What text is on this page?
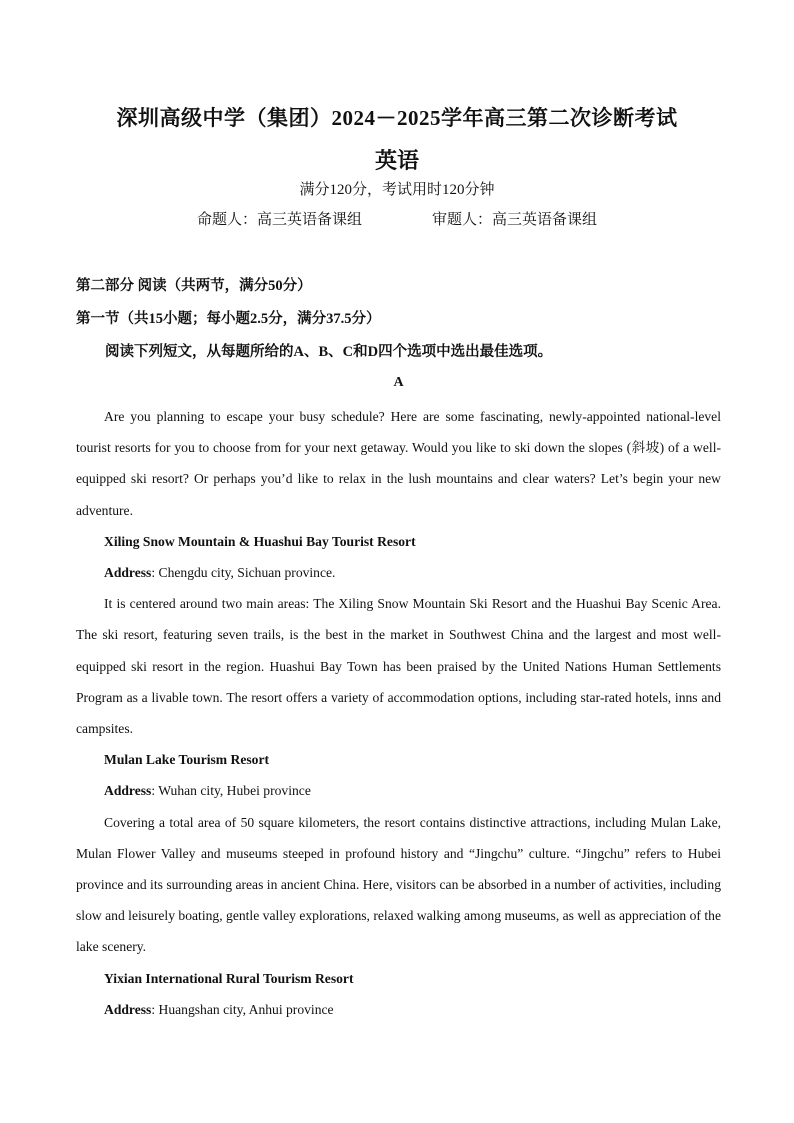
深圳高级中学（集团）2024－2025学年高三第二次诊断考试
英语
满分120分，考试用时120分钟
命题人：高三英语备课组	审题人：高三英语备课组

第二部分 阅读（共两节，满分50分）

第一节（共15小题；每小题2.5分，满分37.5分）

阅读下列短文，从每题所给的A、B、C和D四个选项中选出最佳选项。

A

Are you planning to escape your busy schedule? Here are some fascinating, newly-appointed national-level tourist resorts for you to choose from for your next getaway. Would you like to ski down the slopes (斜坡) of a well-equipped ski resort? Or perhaps you’d like to relax in the lush mountains and clear waters? Let’s begin your new adventure.

Xiling Snow Mountain & Huashui Bay Tourist Resort

Address: Chengdu city, Sichuan province.

It is centered around two main areas: The Xiling Snow Mountain Ski Resort and the Huashui Bay Scenic Area. The ski resort, featuring seven trails, is the best in the market in Southwest China and the largest and most well-equipped ski resort in the region. Huashui Bay Town has been praised by the United Nations Human Settlements Program as a livable town. The resort offers a variety of accommodation options, including star-rated hotels, inns and campsites.

Mulan Lake Tourism Resort

Address: Wuhan city, Hubei province

Covering a total area of 50 square kilometers, the resort contains distinctive attractions, including Mulan Lake, Mulan Flower Valley and museums steeped in profound history and “Jingchu” culture. “Jingchu” refers to Hubei province and its surrounding areas in ancient China. Here, visitors can be absorbed in a number of activities, including slow and leisurely boating, gentle valley explorations, relaxed walking among museums, as well as appreciation of the lake scenery.

Yixian International Rural Tourism Resort

Address: Huangshan city, Anhui province
